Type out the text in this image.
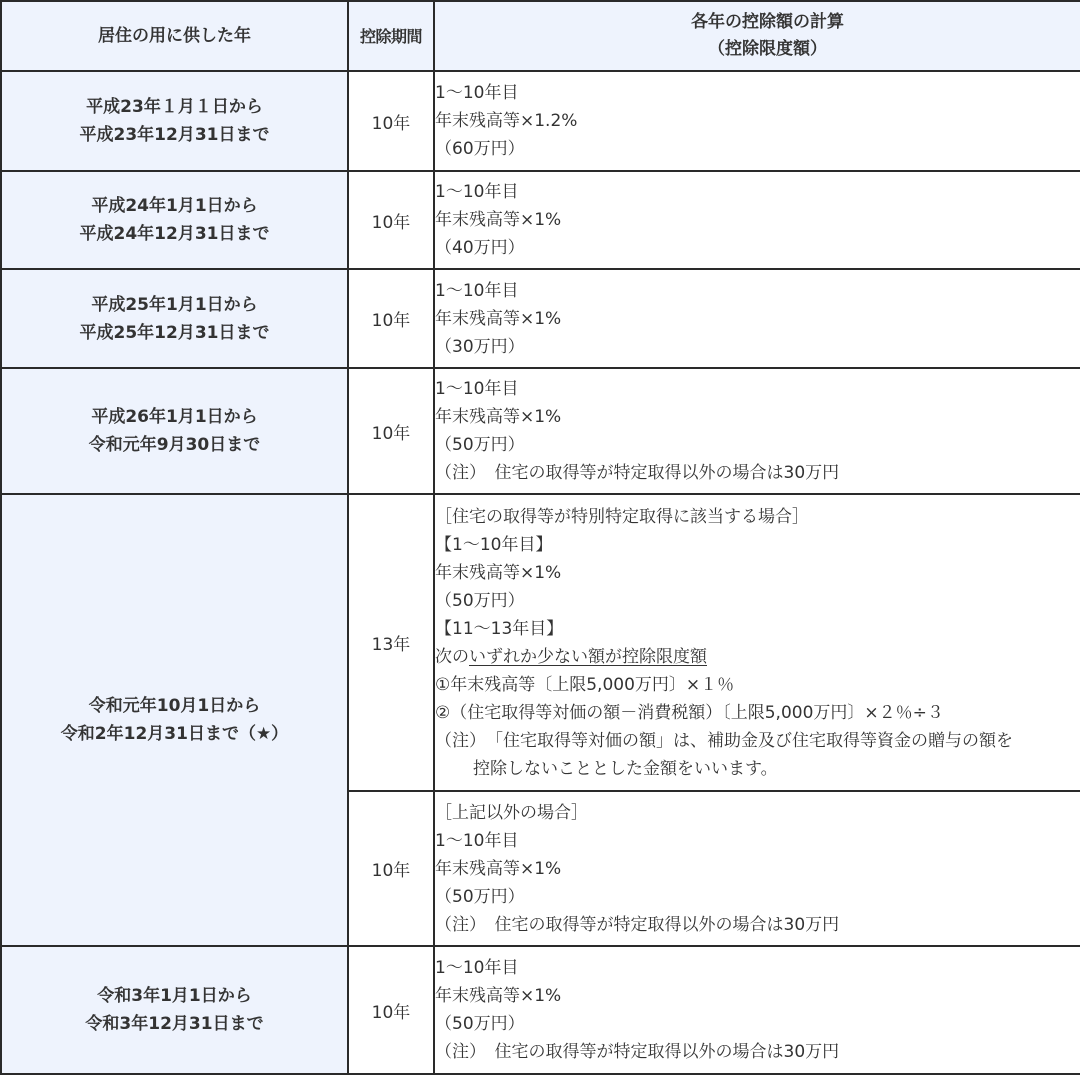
居住の用に供した年	控除期間	各年の控除額の計算
（控除限度額）

平成23年１月１日から
平成23年12月31日まで	10年	1～10年目
年末残高等×1.2%
（60万円）

平成24年1月1日から
平成24年12月31日まで	10年	1～10年目
年末残高等×1%
（40万円）

平成25年1月1日から
平成25年12月31日まで	10年	1～10年目
年末残高等×1%
（30万円）

平成26年1月1日から
令和元年9月30日まで	10年	1～10年目
年末残高等×1%
（50万円）
（注）　住宅の取得等が特定取得以外の場合は30万円

令和元年10月1日から
令和2年12月31日まで（★）
	13年	
［住宅の取得等が特別特定取得に該当する場合］
【1～10年目】
年末残高等×1%
（50万円）
【11～13年目】
次のいずれか少ない額が控除限度額
①年末残高等〔上限5,000万円〕×１％
②（住宅取得等対価の額－消費税額）〔上限5,000万円〕×２％÷３
（注）　「住宅取得等対価の額」は、補助金及び住宅取得等資金の贈与の額を
控除しないこととした金額をいいます。

	10年	［上記以外の場合］
1～10年目
年末残高等×1%
（50万円）
（注）　住宅の取得等が特定取得以外の場合は30万円

令和3年1月1日から
令和3年12月31日まで	10年	1～10年目
年末残高等×1%
（50万円）
（注）　住宅の取得等が特定取得以外の場合は30万円
